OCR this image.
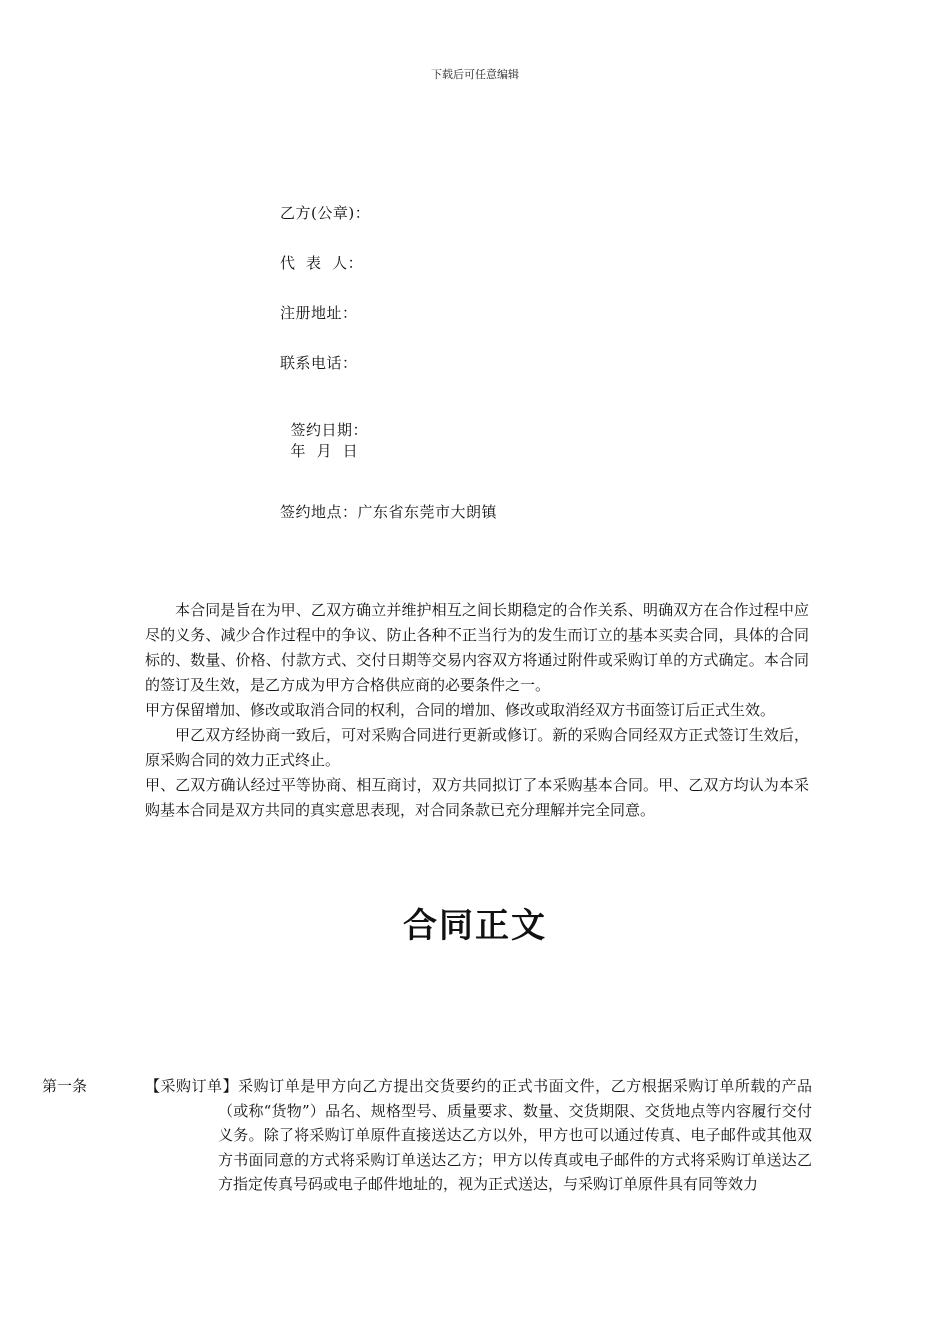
下载后可任意编辑
乙方(公章)：
代  表  人：
注册地址：
联系电话：

签约日期：
年  月  日

签约地点：广东省东莞市大朗镇

本合同是旨在为甲、乙双方确立并维护相互之间长期稳定的合作关系、明确双方在合作过程中应尽的义务、减少合作过程中的争议、防止各种不正当行为的发生而订立的基本买卖合同，具体的合同标的、数量、价格、付款方式、交付日期等交易内容双方将通过附件或采购订单的方式确定。本合同的签订及生效，是乙方成为甲方合格供应商的必要条件之一。

甲方保留增加、修改或取消合同的权利，合同的增加、修改或取消经双方书面签订后正式生效。

甲乙双方经协商一致后，可对采购合同进行更新或修订。新的采购合同经双方正式签订生效后，原采购合同的效力正式终止。

甲、乙双方确认经过平等协商、相互商讨，双方共同拟订了本采购基本合同。甲、乙双方均认为本采购基本合同是双方共同的真实意思表现，对合同条款已充分理解并完全同意。

合同正文
第一条	【采购订单】采购订单是甲方向乙方提出交货要约的正式书面文件，乙方根据采购订单所载的产品（或称“货物”）品名、规格型号、质量要求、数量、交货期限、交货地点等内容履行交付义务。除了将采购订单原件直接送达乙方以外，甲方也可以通过传真、电子邮件或其他双方书面同意的方式将采购订单送达乙方；甲方以传真或电子邮件的方式将采购订单送达乙方指定传真号码或电子邮件地址的，视为正式送达，与采购订单原件具有同等效力
